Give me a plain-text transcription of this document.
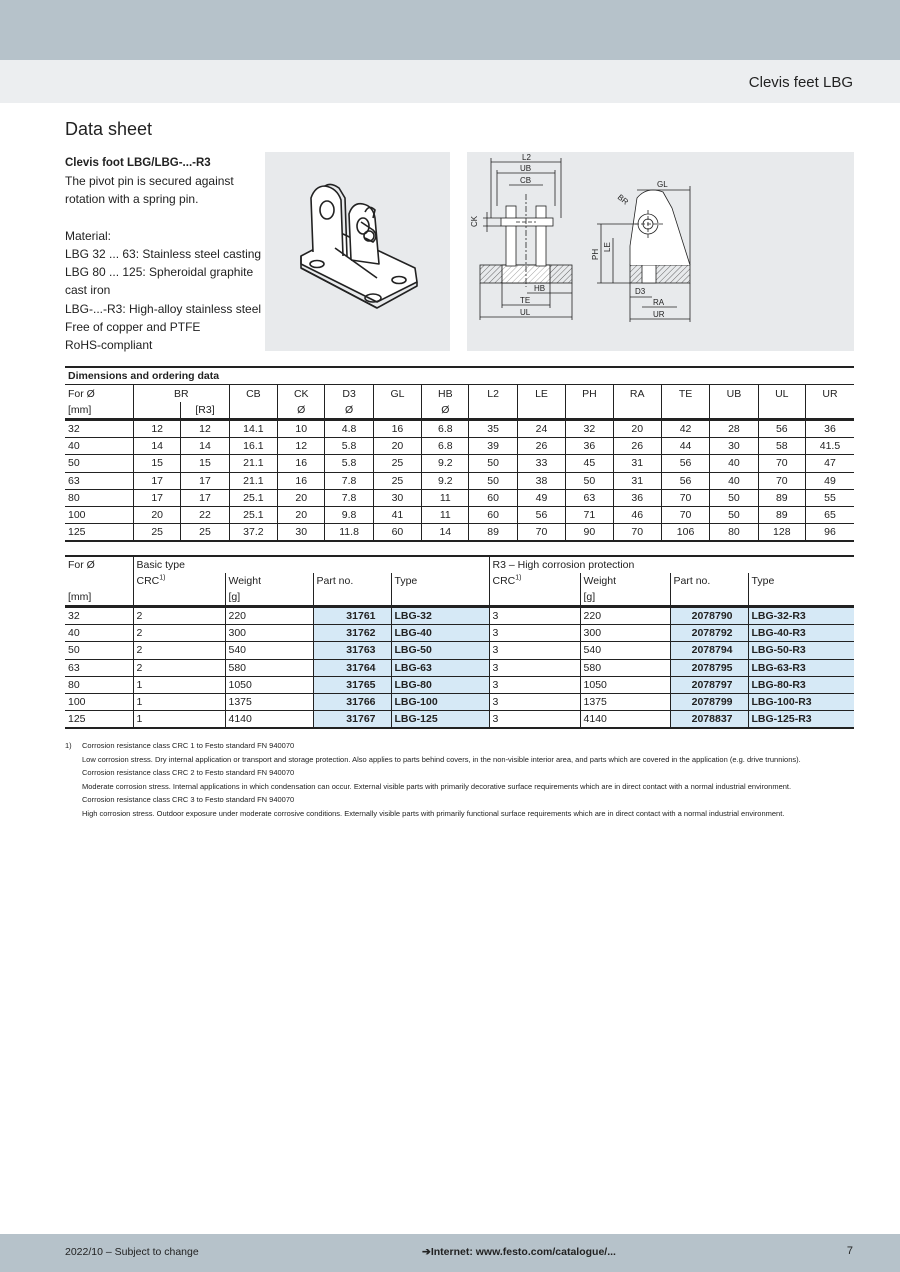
Clevis feet LBG
Data sheet
Clevis foot LBG/LBG-...-R3
The pivot pin is secured against
rotation with a spring pin.

Material:
LBG 32 ... 63: Stainless steel casting
LBG 80 ... 125: Spheroidal graphite
cast iron
LBG-...-R3: High-alloy stainless steel
Free of copper and PTFE
RoHS-compliant
L2
UB
CB
CK
HB
TE
UL
BR
GL
PH
LE
D3
RA
UR
Dimensions and ordering data															
For Ø	BR		CB	CK	D3	GL	HB	L2	LE	PH	RA	TE	UB	UL	UR
[mm]		[R3]		Ø	Ø		Ø								
32	12	12	14.1	10	4.8	16	6.8	35	24	32	20	42	28	56	36
40	14	14	16.1	12	5.8	20	6.8	39	26	36	26	44	30	58	41.5
50	15	15	21.1	16	5.8	25	9.2	50	33	45	31	56	40	70	47
63	17	17	21.1	16	7.8	25	9.2	50	38	50	31	56	40	70	49
80	17	17	25.1	20	7.8	30	11	60	49	63	36	70	50	89	55
100	20	22	25.1	20	9.8	41	11	60	56	71	46	70	50	89	65
125	25	25	37.2	30	11.8	60	14	89	70	90	70	106	80	128	96
For Ø	Basic type				R3 – High corrosion protection			
	CRC$^{1)}$	Weight	Part no.	Type	CRC$^{1)}$	Weight	Part no.	Type
[mm]		[g]				[g]		
32	2	220	31761	LBG-32	3	220	2078790	LBG-32-R3
40	2	300	31762	LBG-40	3	300	2078792	LBG-40-R3
50	2	540	31763	LBG-50	3	540	2078794	LBG-50-R3
63	2	580	31764	LBG-63	3	580	2078795	LBG-63-R3
80	1	1050	31765	LBG-80	3	1050	2078797	LBG-80-R3
100	1	1375	31766	LBG-100	3	1375	2078799	LBG-100-R3
125	1	4140	31767	LBG-125	3	4140	2078837	LBG-125-R3
1) Corrosion resistance class CRC 1 to Festo standard FN 940070
Low corrosion stress. Dry internal application or transport and storage protection. Also applies to parts behind covers, in the non-visible interior area, and parts which are covered in the application (e.g. drive trunnions).
Corrosion resistance class CRC 2 to Festo standard FN 940070
Moderate corrosion stress. Internal applications in which condensation can occur. External visible parts with primarily decorative surface requirements which are in direct contact with a normal industrial environment.
Corrosion resistance class CRC 3 to Festo standard FN 940070
High corrosion stress. Outdoor exposure under moderate corrosive conditions. Externally visible parts with primarily functional surface requirements which are in direct contact with a normal industrial environment.
2022/10 – Subject to change	➔Internet: www.festo.com/catalogue/...	7
